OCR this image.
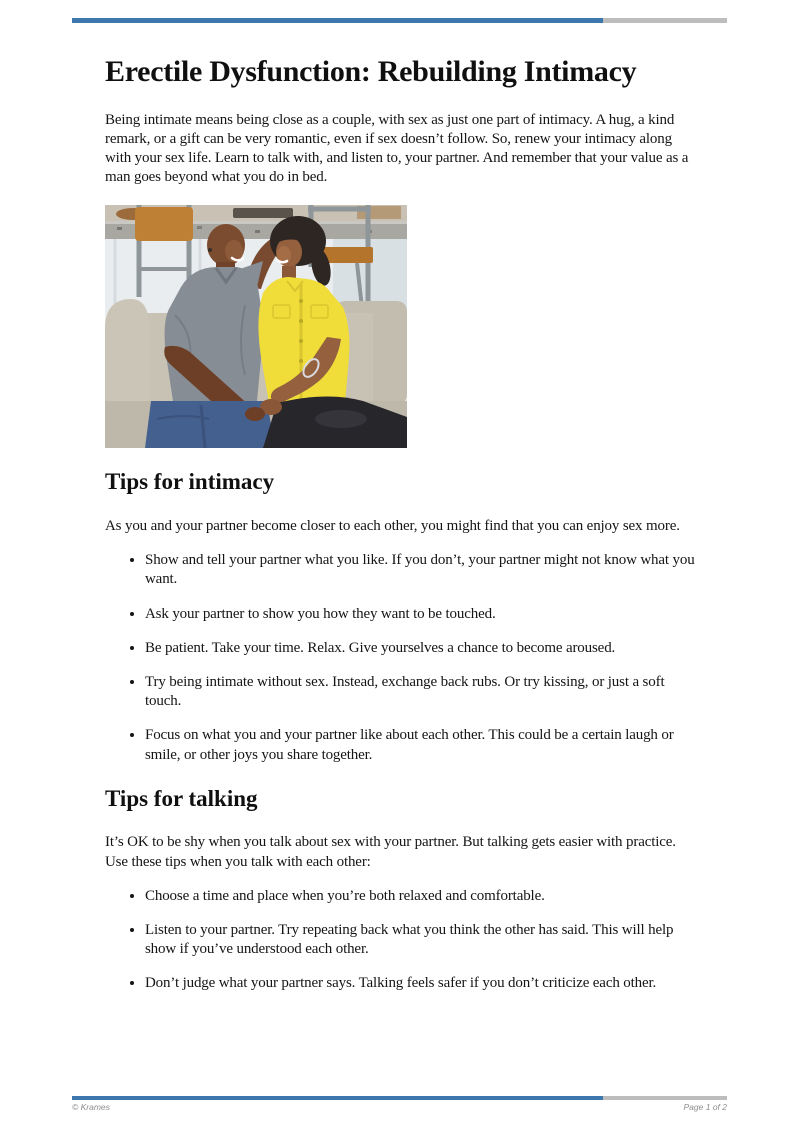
Erectile Dysfunction: Rebuilding Intimacy

Being intimate means being close as a couple, with sex as just one part of intimacy. A hug, a kind remark, or a gift can be very romantic, even if sex doesn’t follow. So, renew your intimacy along with your sex life. Learn to talk with, and listen to, your partner. And remember that your value as a man goes beyond what you do in bed.

Tips for intimacy

As you and your partner become closer to each other, you might find that you can enjoy sex more.

• Show and tell your partner what you like. If you don’t, your partner might not know what you want.
• Ask your partner to show you how they want to be touched.
• Be patient. Take your time. Relax. Give yourselves a chance to become aroused.
• Try being intimate without sex. Instead, exchange back rubs. Or try kissing, or just a soft touch.
• Focus on what you and your partner like about each other. This could be a certain laugh or smile, or other joys you share together.
Tips for talking

It’s OK to be shy when you talk about sex with your partner. But talking gets easier with practice. Use these tips when you talk with each other:

• Choose a time and place when you’re both relaxed and comfortable.
• Listen to your partner. Try repeating back what you think the other has said. This will help show if you’ve understood each other.
• Don’t judge what your partner says. Talking feels safer if you don’t criticize each other.
© Krames	Page 1 of 2
